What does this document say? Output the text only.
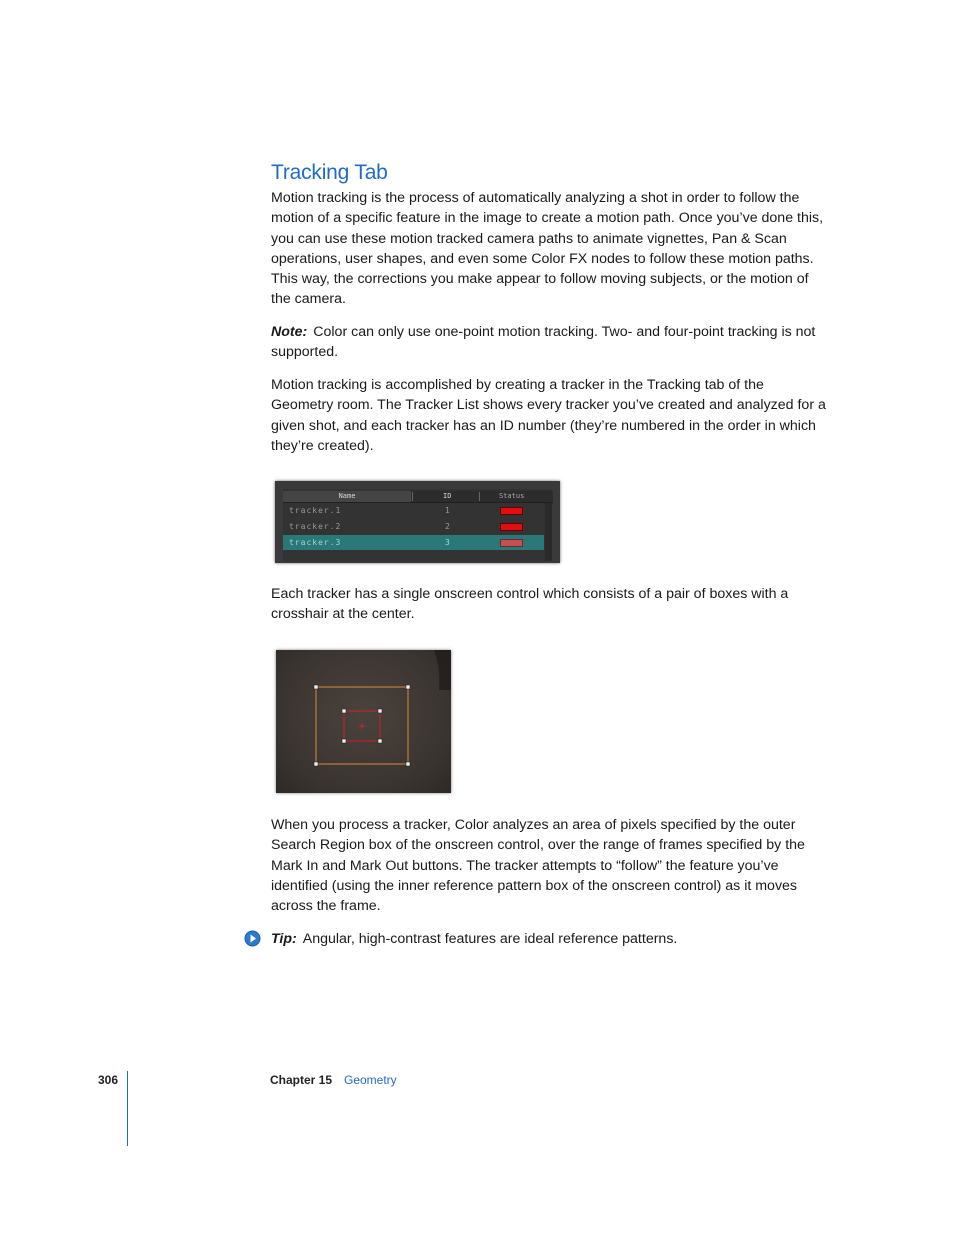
Tracking Tab

Motion tracking is the process of automatically analyzing a shot in order to follow the motion of a specific feature in the image to create a motion path. Once you’ve done this, you can use these motion tracked camera paths to animate vignettes, Pan & Scan operations, user shapes, and even some Color FX nodes to follow these motion paths. This way, the corrections you make appear to follow moving subjects, or the motion of the camera.

Note: Color can only use one-point motion tracking. Two- and four-point tracking is not supported.

Motion tracking is accomplished by creating a tracker in the Tracking tab of the Geometry room. The Tracker List shows every tracker you’ve created and analyzed for a given shot, and each tracker has an ID number (they’re numbered in the order in which they’re created).

Name	ID	Status
tracker.1	1
tracker.2	2
tracker.3	3

Each tracker has a single onscreen control which consists of a pair of boxes with a crosshair at the center.

When you process a tracker, Color analyzes an area of pixels specified by the outer Search Region box of the onscreen control, over the range of frames specified by the Mark In and Mark Out buttons. The tracker attempts to “follow” the feature you’ve identified (using the inner reference pattern box of the onscreen control) as it moves across the frame.

Tip: Angular, high-contrast features are ideal reference patterns.

306	Chapter 15 Geometry
